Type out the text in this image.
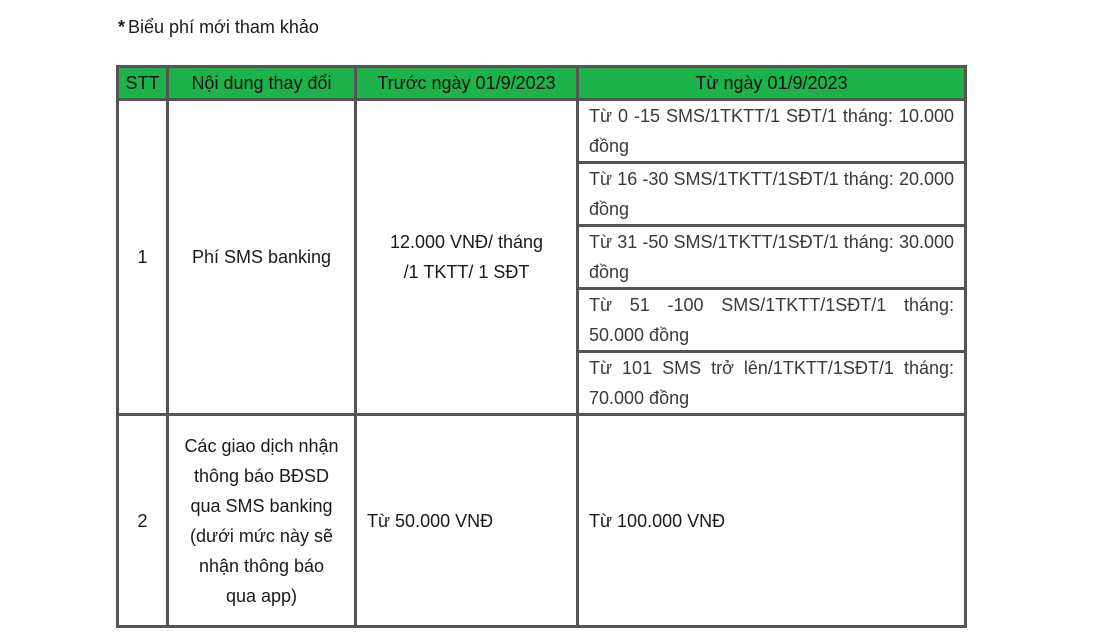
* Biểu phí mới tham khảo
STT	Nội dung thay đổi	Trước ngày 01/9/2023	Từ ngày 01/9/2023
1	Phí SMS banking	12.000 VNĐ/ tháng /1 TKTT/ 1 SĐT	Từ 0 -15 SMS/1TKTT/1 SĐT/1 tháng: 10.000 đồng
			Từ 16 -30 SMS/1TKTT/1SĐT/1 tháng: 20.000 đồng
			Từ 31 -50 SMS/1TKTT/1SĐT/1 tháng: 30.000 đồng
			Từ 51 -100 SMS/1TKTT/1SĐT/1 tháng: 50.000 đồng
			Từ 101 SMS trở lên/1TKTT/1SĐT/1 tháng: 70.000 đồng
2	Các giao dịch nhận thông báo BĐSD qua SMS banking (dưới mức này sẽ nhận thông báo qua app)	Từ 50.000 VNĐ	Từ 100.000 VNĐ
